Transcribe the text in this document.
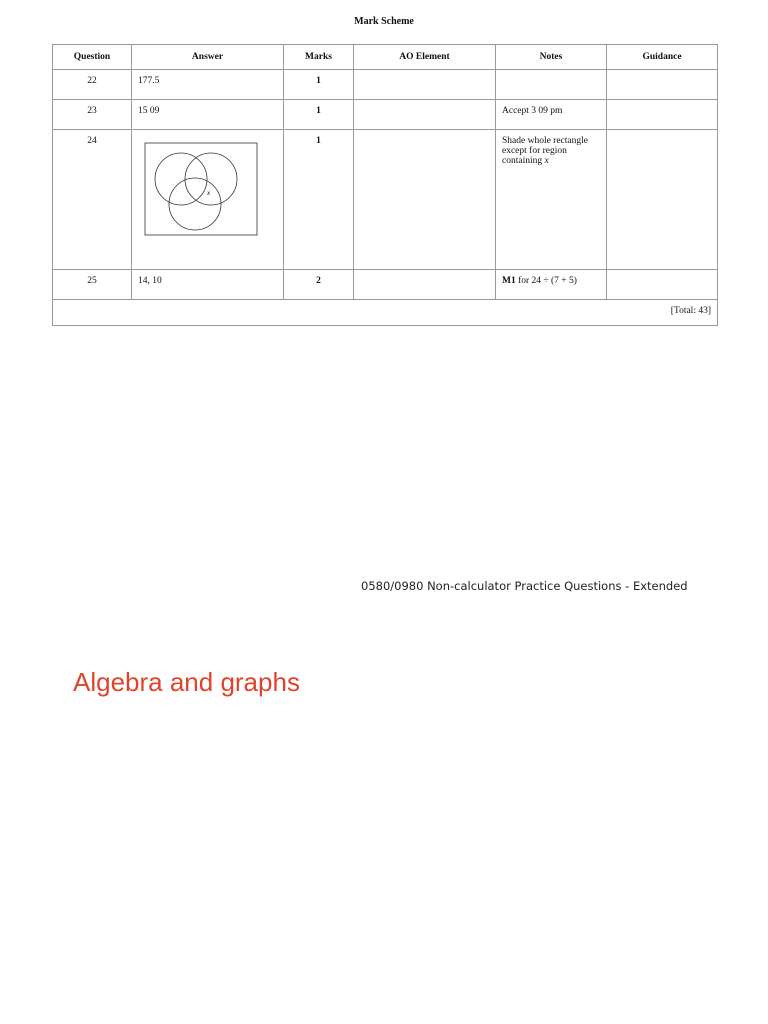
Mark Scheme
Question	Answer	Marks	AO Element	Notes	Guidance
22	177.5	1			
23	15 09	1		Accept 3 09 pm	
24	x	1		Shade whole rectangle
except for region
containing x	
25	14, 10	2		M1 for 24 ÷ (7 + 5)	
[Total: 43]					
0580/0980 Non-calculator Practice Questions - Extended
Algebra and graphs
